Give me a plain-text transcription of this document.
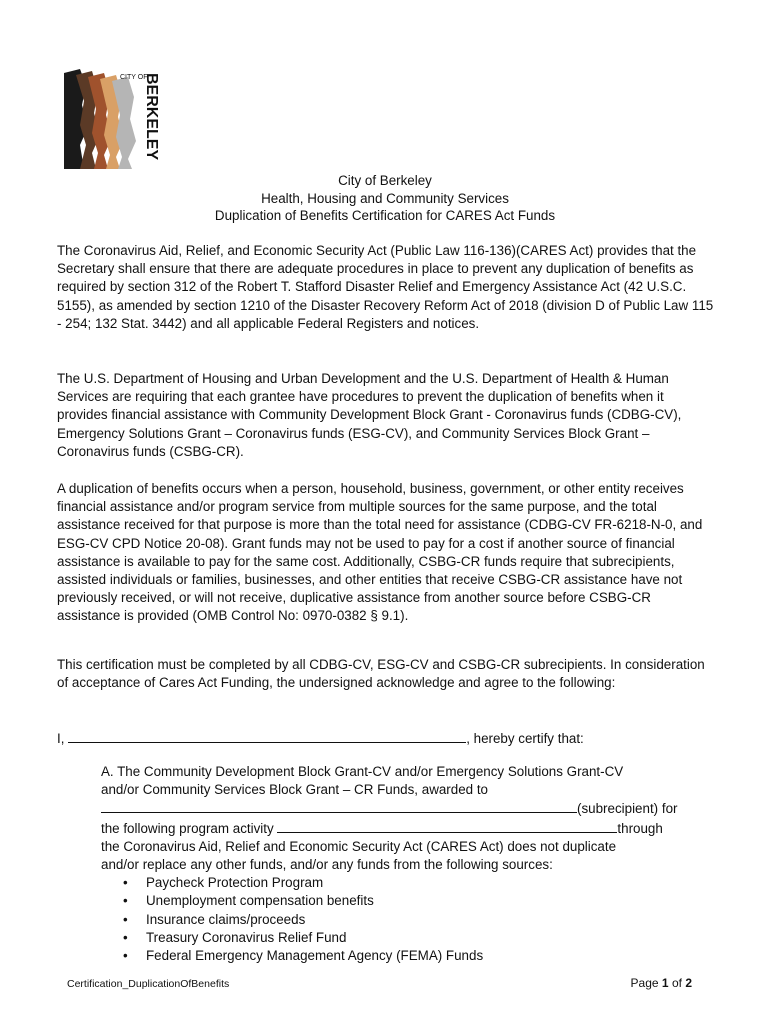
CITY OF
BERKELEY
City of Berkeley
Health, Housing and Community Services
Duplication of Benefits Certification for CARES Act Funds
The Coronavirus Aid, Relief, and Economic Security Act (Public Law 116-136)(CARES Act) provides that the Secretary shall ensure that there are adequate procedures in place to prevent any duplication of benefits as required by section 312 of the Robert T. Stafford Disaster Relief and Emergency Assistance Act (42 U.S.C. 5155), as amended by section 1210 of the Disaster Recovery Reform Act of 2018 (division D of Public Law 115 - 254; 132 Stat. 3442) and all applicable Federal Registers and notices.
The U.S. Department of Housing and Urban Development and the U.S. Department of Health & Human Services are requiring that each grantee have procedures to prevent the duplication of benefits when it provides financial assistance with Community Development Block Grant - Coronavirus funds (CDBG-CV), Emergency Solutions Grant – Coronavirus funds (ESG-CV), and Community Services Block Grant – Coronavirus funds (CSBG-CR).
A duplication of benefits occurs when a person, household, business, government, or other entity receives financial assistance and/or program service from multiple sources for the same purpose, and the total assistance received for that purpose is more than the total need for assistance (CDBG-CV FR-6218-N-0, and ESG-CV CPD Notice 20-08). Grant funds may not be used to pay for a cost if another source of financial assistance is available to pay for the same cost. Additionally, CSBG-CR funds require that subrecipients, assisted individuals or families, businesses, and other entities that receive CSBG-CR assistance have not previously received, or will not receive, duplicative assistance from another source before CSBG-CR assistance is provided (OMB Control No: 0970-0382 § 9.1).
This certification must be completed by all CDBG-CV, ESG-CV and CSBG-CR subrecipients. In consideration of acceptance of Cares Act Funding, the undersigned acknowledge and agree to the following:
I,	, hereby certify that:
A. The Community Development Block Grant-CV and/or Emergency Solutions Grant-CV
and/or Community Services Block Grant – CR Funds, awarded to
(subrecipient) for
the following program activity	through
the Coronavirus Aid, Relief and Economic Security Act (CARES Act) does not duplicate
and/or replace any other funds, and/or any funds from the following sources:
• Paycheck Protection Program
• Unemployment compensation benefits
• Insurance claims/proceeds
• Treasury Coronavirus Relief Fund
• Federal Emergency Management Agency (FEMA) Funds
Certification_DuplicationOfBenefits	Page 1 of 2
